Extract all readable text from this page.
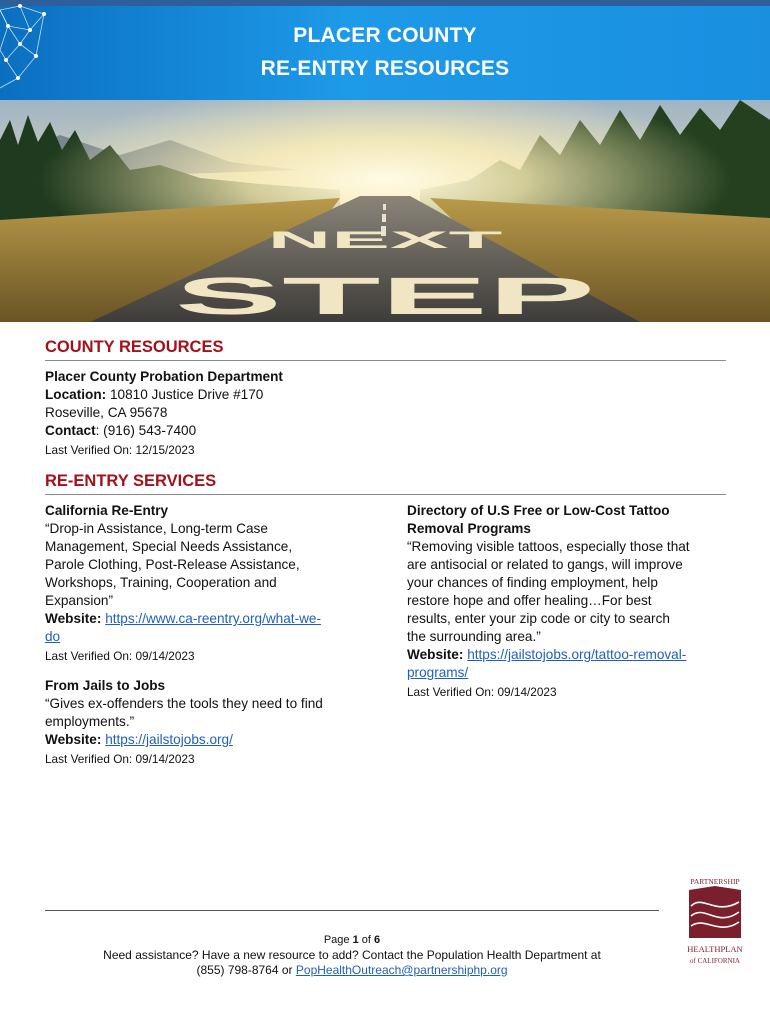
PLACER COUNTY
RE-ENTRY RESOURCES
NEXT
STEP
COUNTY RESOURCES
Placer County Probation Department
Location: 10810 Justice Drive #170
Roseville, CA 95678
Contact: (916) 543-7400
Last Verified On: 12/15/2023
RE-ENTRY SERVICES
California Re-Entry
“Drop-in Assistance, Long-term Case
Management, Special Needs Assistance,
Parole Clothing, Post-Release Assistance,
Workshops, Training, Cooperation and
Expansion”
Website: https://www.ca-reentry.org/what-we-
do
Last Verified On: 09/14/2023
From Jails to Jobs
“Gives ex-offenders the tools they need to find
employments.”
Website: https://jailstojobs.org/
Last Verified On: 09/14/2023
Directory of U.S Free or Low-Cost Tattoo
Removal Programs
“Removing visible tattoos, especially those that
are antisocial or related to gangs, will improve
your chances of finding employment, help
restore hope and offer healing…For best
results, enter your zip code or city to search
the surrounding area.”
Website: https://jailstojobs.org/tattoo-removal-
programs/
Last Verified On: 09/14/2023
Page 1 of 6
Need assistance? Have a new resource to add? Contact the Population Health Department at
(855) 798-8764 or PopHealthOutreach@partnershiphp.org
PARTNERSHIP
HEALTHPLAN
of CALIFORNIA
